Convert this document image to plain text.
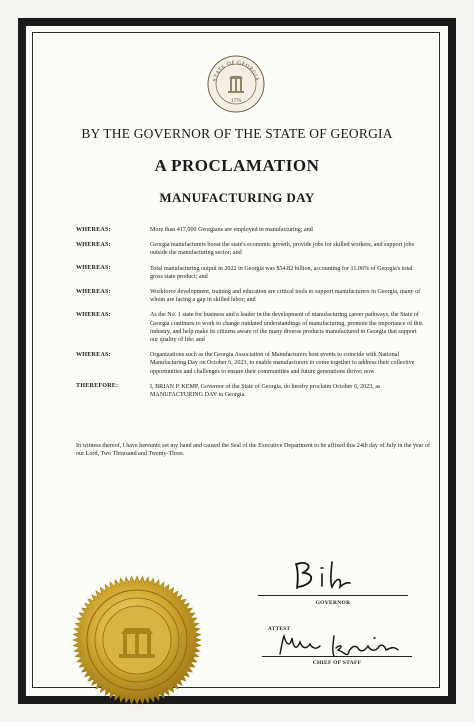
STATE OF GEORGIA
1776
BY THE GOVERNOR OF THE STATE OF GEORGIA
A PROCLAMATION
MANUFACTURING DAY
WHEREAS:	More than 417,000 Georgians are employed in manufacturing; and
WHEREAS:	Georgia manufacturers boost the state's economic growth, provide jobs for skilled workers, and support jobs outside the manufacturing sector; and
WHEREAS:	Total manufacturing output in 2022 in Georgia was $54.82 billion, accounting for 11.06% of Georgia's total gross state product; and
WHEREAS:	Workforce development, training and education are critical tools to support manufacturers in Georgia, many of whom are facing a gap in skilled labor; and
WHEREAS:	As the No. 1 state for business and a leader in the development of manufacturing career pathways, the State of Georgia continues to work to change outdated understandings of manufacturing, promote the importance of this industry, and help make its citizens aware of the many diverse products manufactured in Georgia that support our quality of life; and
WHEREAS:	Organizations such as the Georgia Association of Manufacturers host events to coincide with National Manufacturing Day on October 6, 2023, to enable manufacturers to come together to address their collective opportunities and challenges to ensure their communities and future generations thrive; now
THEREFORE:	I, BRIAN P. KEMP, Governor of the State of Georgia, do hereby proclaim October 6, 2023, as MANUFACTURING DAY in Georgia.
In witness thereof, I have hereunto set my hand and caused the Seal of the Executive Department to be affixed this 24th day of July in the year of our Lord, Two Thousand and Twenty-Three.
GOVERNOR
ATTEST
CHIEF OF STAFF
